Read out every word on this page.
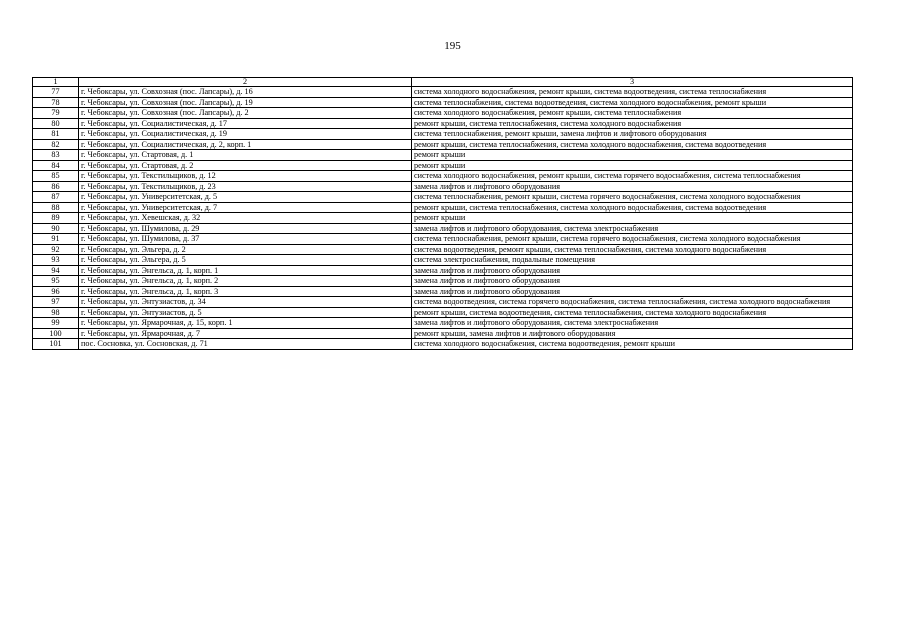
195
1	2	3
77	г. Чебоксары, ул. Совхозная (пос. Лапсары), д. 16	система холодного водоснабжения, ремонт крыши, система водоотведения, система теплоснабжения
78	г. Чебоксары, ул. Совхозная (пос. Лапсары), д. 19	система теплоснабжения, система водоотведения, система холодного водоснабжения, ремонт крыши
79	г. Чебоксары, ул. Совхозная (пос. Лапсары), д. 2	система холодного водоснабжения, ремонт крыши, система теплоснабжения
80	г. Чебоксары, ул. Социалистическая, д. 17	ремонт крыши, система теплоснабжения, система холодного водоснабжения
81	г. Чебоксары, ул. Социалистическая, д. 19	система теплоснабжения, ремонт крыши, замена лифтов и лифтового оборудования
82	г. Чебоксары, ул. Социалистическая, д. 2, корп. 1	ремонт крыши, система теплоснабжения, система холодного водоснабжения, система водоотведения
83	г. Чебоксары, ул. Стартовая, д. 1	ремонт крыши
84	г. Чебоксары, ул. Стартовая, д. 2	ремонт крыши
85	г. Чебоксары, ул. Текстильщиков, д. 12	система холодного водоснабжения, ремонт крыши, система горячего водоснабжения, система теплоснабжения
86	г. Чебоксары, ул. Текстильщиков, д. 23	замена лифтов и лифтового оборудования
87	г. Чебоксары, ул. Университетская, д. 5	система теплоснабжения, ремонт крыши, система горячего водоснабжения, система холодного водоснабжения
88	г. Чебоксары, ул. Университетская, д. 7	ремонт крыши, система теплоснабжения, система холодного водоснабжения, система водоотведения
89	г. Чебоксары, ул. Хевешская, д. 32	ремонт крыши
90	г. Чебоксары, ул. Шумилова, д. 29	замена лифтов и лифтового оборудования, система электроснабжения
91	г. Чебоксары, ул. Шумилова, д. 37	система теплоснабжения, ремонт крыши, система горячего водоснабжения, система холодного водоснабжения
92	г. Чебоксары, ул. Эльгера, д. 2	система водоотведения, ремонт крыши, система теплоснабжения, система холодного водоснабжения
93	г. Чебоксары, ул. Эльгера, д. 5	система электроснабжения, подвальные помещения
94	г. Чебоксары, ул. Энгельса, д. 1, корп. 1	замена лифтов и лифтового оборудования
95	г. Чебоксары, ул. Энгельса, д. 1, корп. 2	замена лифтов и лифтового оборудования
96	г. Чебоксары, ул. Энгельса, д. 1, корп. 3	замена лифтов и лифтового оборудования
97	г. Чебоксары, ул. Энтузиастов, д. 34	система водоотведения, система горячего водоснабжения, система теплоснабжения, система холодного водоснабжения
98	г. Чебоксары, ул. Энтузиастов, д. 5	ремонт крыши, система водоотведения, система теплоснабжения, система холодного водоснабжения
99	г. Чебоксары, ул. Ярмарочная, д. 15, корп. 1	замена лифтов и лифтового оборудования, система электроснабжения
100	г. Чебоксары, ул. Ярмарочная, д. 7	ремонт крыши, замена лифтов и лифтового оборудования
101	пос. Сосновка, ул. Сосновская, д. 71	система холодного водоснабжения, система водоотведения, ремонт крыши
